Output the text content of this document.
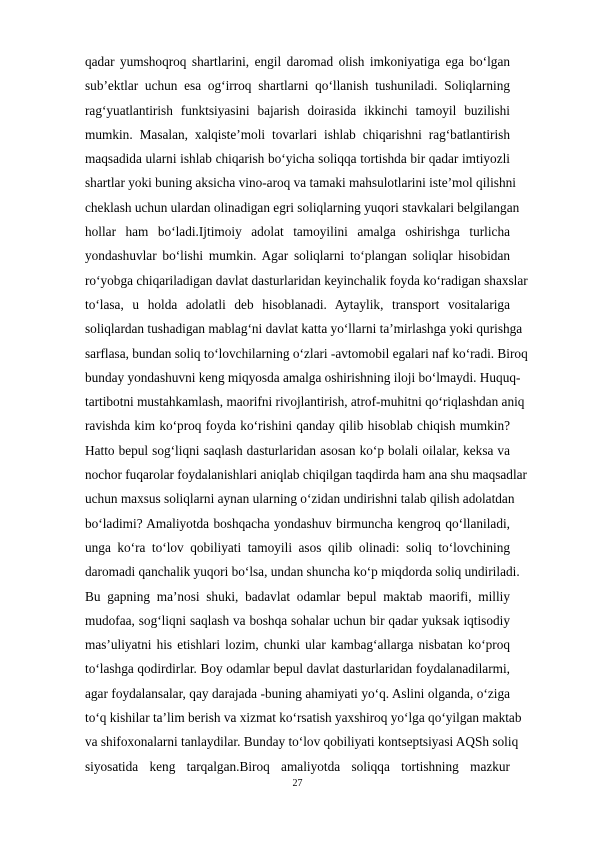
qadar yumshoqroq shartlarini, engil daromad olish imkoniyatiga ega bo‘lgan
sub’ektlar uchun esa og‘irroq shartlarni qo‘llanish tushuniladi. Soliqlarning
rag‘yuatlantirish funktsiyasini bajarish doirasida ikkinchi tamoyil buzilishi
mumkin. Masalan, xalqiste’moli tovarlari ishlab chiqarishni rag‘batlantirish
maqsadida ularni ishlab chiqarish bo‘yicha soliqqa tortishda bir qadar imtiyozli
shartlar yoki buning aksicha vino-aroq va tamaki mahsulotlarini iste’mol qilishni
cheklash uchun ulardan olinadigan egri soliqlarning yuqori stavkalari belgilangan
hollar ham bo‘ladi.Ijtimoiy adolat tamoyilini amalga oshirishga turlicha
yondashuvlar bo‘lishi mumkin. Agar soliqlarni to‘plangan soliqlar hisobidan
ro‘yobga chiqariladigan davlat dasturlaridan keyinchalik foyda ko‘radigan shaxslar
to‘lasa, u holda adolatli deb hisoblanadi. Aytaylik, transport vositalariga
soliqlardan tushadigan mablag‘ni davlat katta yo‘llarni ta’mirlashga yoki qurishga
sarflasa, bundan soliq to‘lovchilarning o‘zlari -avtomobil egalari naf ko‘radi. Biroq
bunday yondashuvni keng miqyosda amalga oshirishning iloji bo‘lmaydi. Huquq-
tartibotni mustahkamlash, maorifni rivojlantirish, atrof-muhitni qo‘riqlashdan aniq
ravishda kim ko‘proq foyda ko‘rishini qanday qilib hisoblab chiqish mumkin?
Hatto bepul sog‘liqni saqlash dasturlaridan asosan ko‘p bolali oilalar, keksa va
nochor fuqarolar foydalanishlari aniqlab chiqilgan taqdirda ham ana shu maqsadlar
uchun maxsus soliqlarni aynan ularning o‘zidan undirishni talab qilish adolatdan
bo‘ladimi? Amaliyotda boshqacha yondashuv birmuncha kengroq qo‘llaniladi,
unga ko‘ra to‘lov qobiliyati tamoyili asos qilib olinadi: soliq to‘lovchining
daromadi qanchalik yuqori bo‘lsa, undan shuncha ko‘p miqdorda soliq undiriladi.
Bu gapning ma’nosi shuki, badavlat odamlar bepul maktab maorifi, milliy
mudofaa, sog‘liqni saqlash va boshqa sohalar uchun bir qadar yuksak iqtisodiy
mas’uliyatni his etishlari lozim, chunki ular kambag‘allarga nisbatan ko‘proq
to‘lashga qodirdirlar. Boy odamlar bepul davlat dasturlaridan foydalanadilarmi,
agar foydalansalar, qay darajada -buning ahamiyati yo‘q. Aslini olganda, o‘ziga
to‘q kishilar ta’lim berish va xizmat ko‘rsatish yaxshiroq yo‘lga qo‘yilgan maktab
va shifoxonalarni tanlaydilar. Bunday to‘lov qobiliyati kontseptsiyasi AQSh soliq
siyosatida keng tarqalgan.Biroq amaliyotda soliqqa tortishning mazkur
27
